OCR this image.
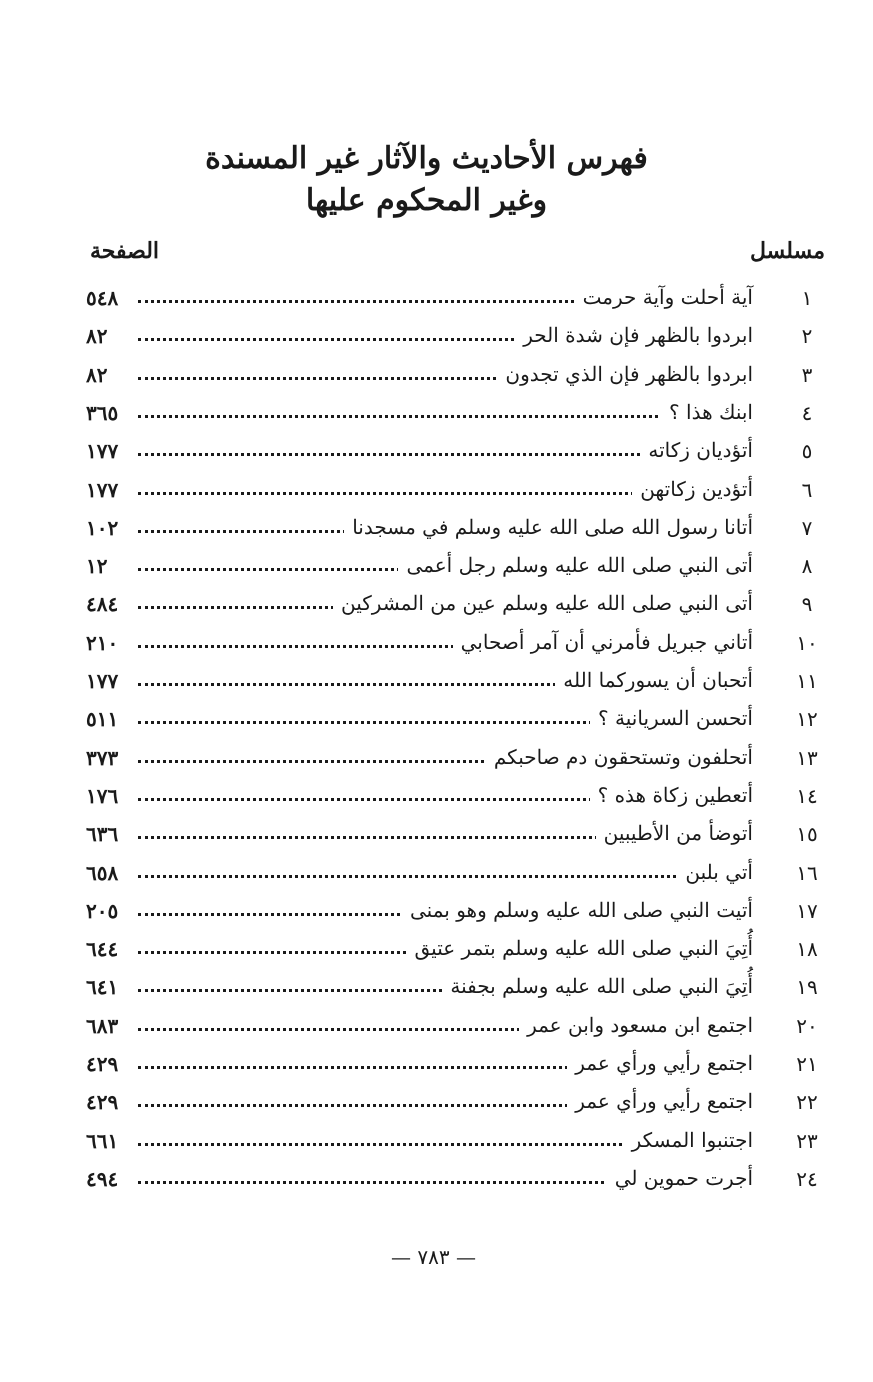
فهرس الأحاديث والآثار غير المسندة
وغير المحكوم عليها
مسلسل
الصفحة
١
آية أحلت وآية حرمت
٥٤٨
٢
ابردوا بالظهر فإن شدة الحر
٨٢
٣
ابردوا بالظهر فإن الذي تجدون
٨٢
٤
ابنك هذا ؟
٣٦٥
٥
أتؤديان زكاته
١٧٧
٦
أتؤدين زكاتهن
١٧٧
٧
أتانا رسول الله صلى الله عليه وسلم في مسجدنا
١٠٢
٨
أتى النبي صلى الله عليه وسلم رجل أعمى
١٢
٩
أتى النبي صلى الله عليه وسلم عين من المشركين
٤٨٤
١٠
أتاني جبريل فأمرني أن آمر أصحابي
٢١٠
١١
أتحبان أن يسوركما الله
١٧٧
١٢
أتحسن السريانية ؟
٥١١
١٣
أتحلفون وتستحقون دم صاحبكم
٣٧٣
١٤
أتعطين زكاة هذه ؟
١٧٦
١٥
أتوضأ من الأطيبين
٦٣٦
١٦
أتي بلبن
٦٥٨
١٧
أتيت النبي صلى الله عليه وسلم وهو بمنى
٢٠٥
١٨
أُتِيَ النبي صلى الله عليه وسلم بتمر عتيق
٦٤٤
١٩
أُتِيَ النبي صلى الله عليه وسلم بجفنة
٦٤١
٢٠
اجتمع ابن مسعود وابن عمر
٦٨٣
٢١
اجتمع رأيي ورأي عمر
٤٢٩
٢٢
اجتمع رأيي ورأي عمر
٤٢٩
٢٣
اجتنبوا المسكر
٦٦١
٢٤
أجرت حموين لي
٤٩٤
— ٧٨٣ —
